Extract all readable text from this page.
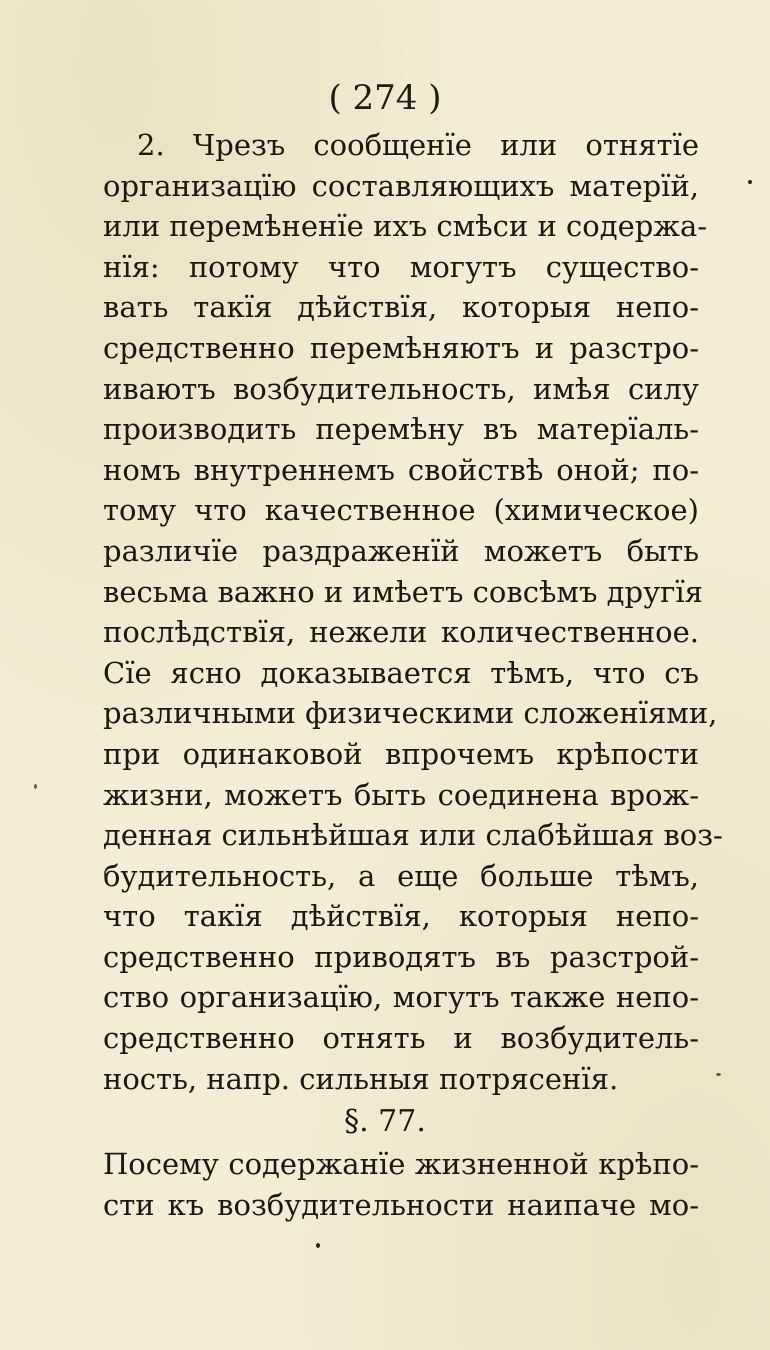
( 274 )
2. Чрезъ сообщенїе или отнятїе
организацїю составляющихъ матерїй,
или перемѣненїе ихъ смѣси и содержа-
нїя: потому что могутъ существо-
вать такїя дѣйствїя, которыя непо-
средственно перемѣняютъ и разстро-
иваютъ возбудительность, имѣя силу
производить перемѣну въ матерїаль-
номъ внутреннемъ свойствѣ оной; по-
тому что качественное (химическое)
различїе раздраженїй можетъ быть
весьма важно и имѣетъ совсѣмъ другїя
послѣдствїя, нежели количественное.
Сїе ясно доказывается тѣмъ, что съ
различными физическими сложенїями,
при одинаковой впрочемъ крѣпости
жизни, можетъ быть соединена врож-
денная сильнѣйшая или слабѣйшая воз-
будительность, а еще больше тѣмъ,
что такїя дѣйствїя, которыя непо-
средственно приводятъ въ разстрой-
ство организацїю, могутъ также непо-
средственно отнять и возбудитель-
ность, напр. сильныя потрясенїя.
§. 77.
Посему содержанїе жизненной крѣпо-
сти къ возбудительности наипаче мо-
